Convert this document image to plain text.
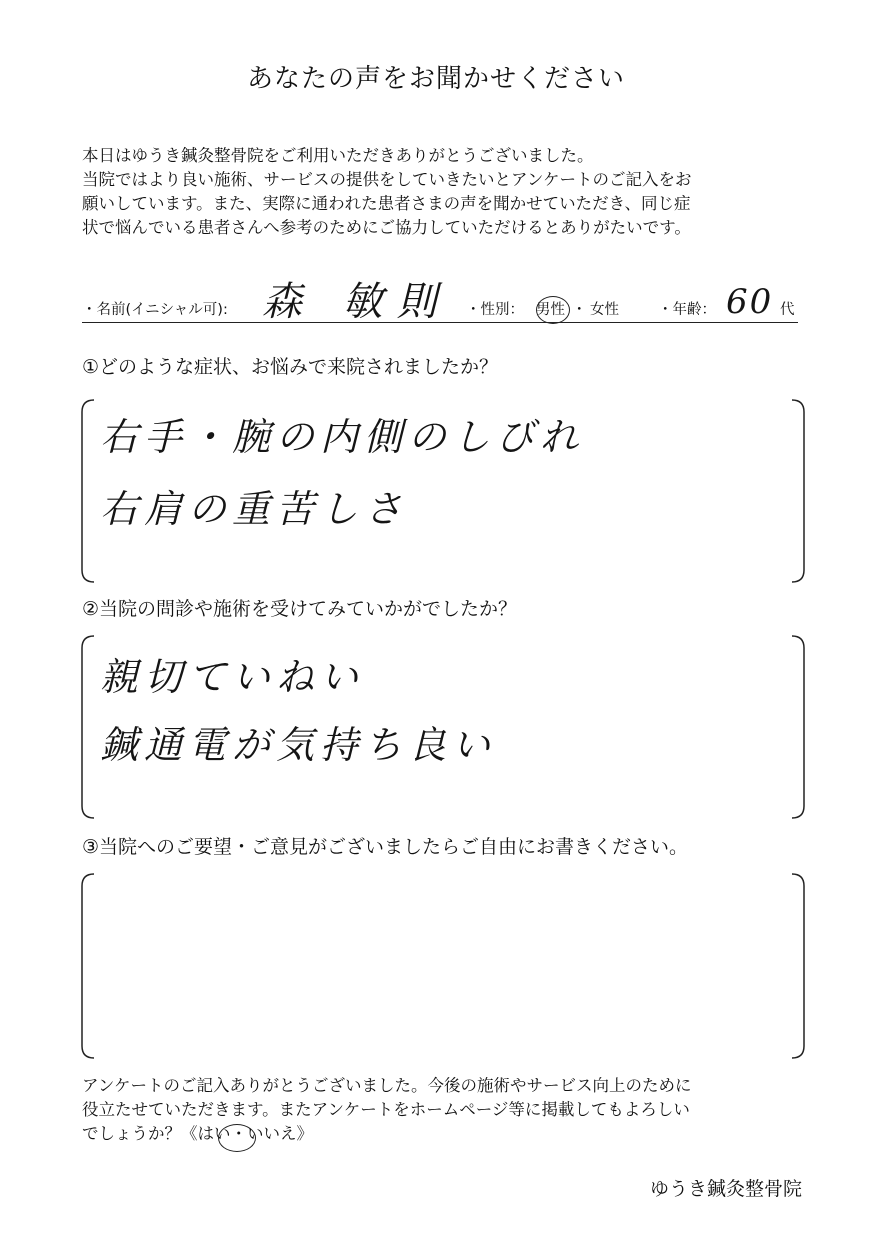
あなたの声をお聞かせください
本日はゆうき鍼灸整骨院をご利用いただきありがとうございました。
当院ではより良い施術、サービスの提供をしていきたいとアンケートのご記入をお
願いしています。また、実際に通われた患者さまの声を聞かせていただき、同じ症
状で悩んでいる患者さんへ参考のためにご協力していただけるとありがたいです。
・名前(イニシャル可): 森 敏則 ・性別： 男性 ・ 女性	・年齢： 60 代
①どのような症状、お悩みで来院されましたか？
右手・腕の内側のしびれ
右肩の重苦しさ
②当院の問診や施術を受けてみていかがでしたか？
親切ていねい
鍼通電が気持ち良い
③当院へのご要望・ご意見がございましたらご自由にお書きください。
アンケートのご記入ありがとうございました。今後の施術やサービス向上のために
役立たせていただきます。またアンケートをホームページ等に掲載してもよろしい
でしょうか？《はい・いいえ》
ゆうき鍼灸整骨院
